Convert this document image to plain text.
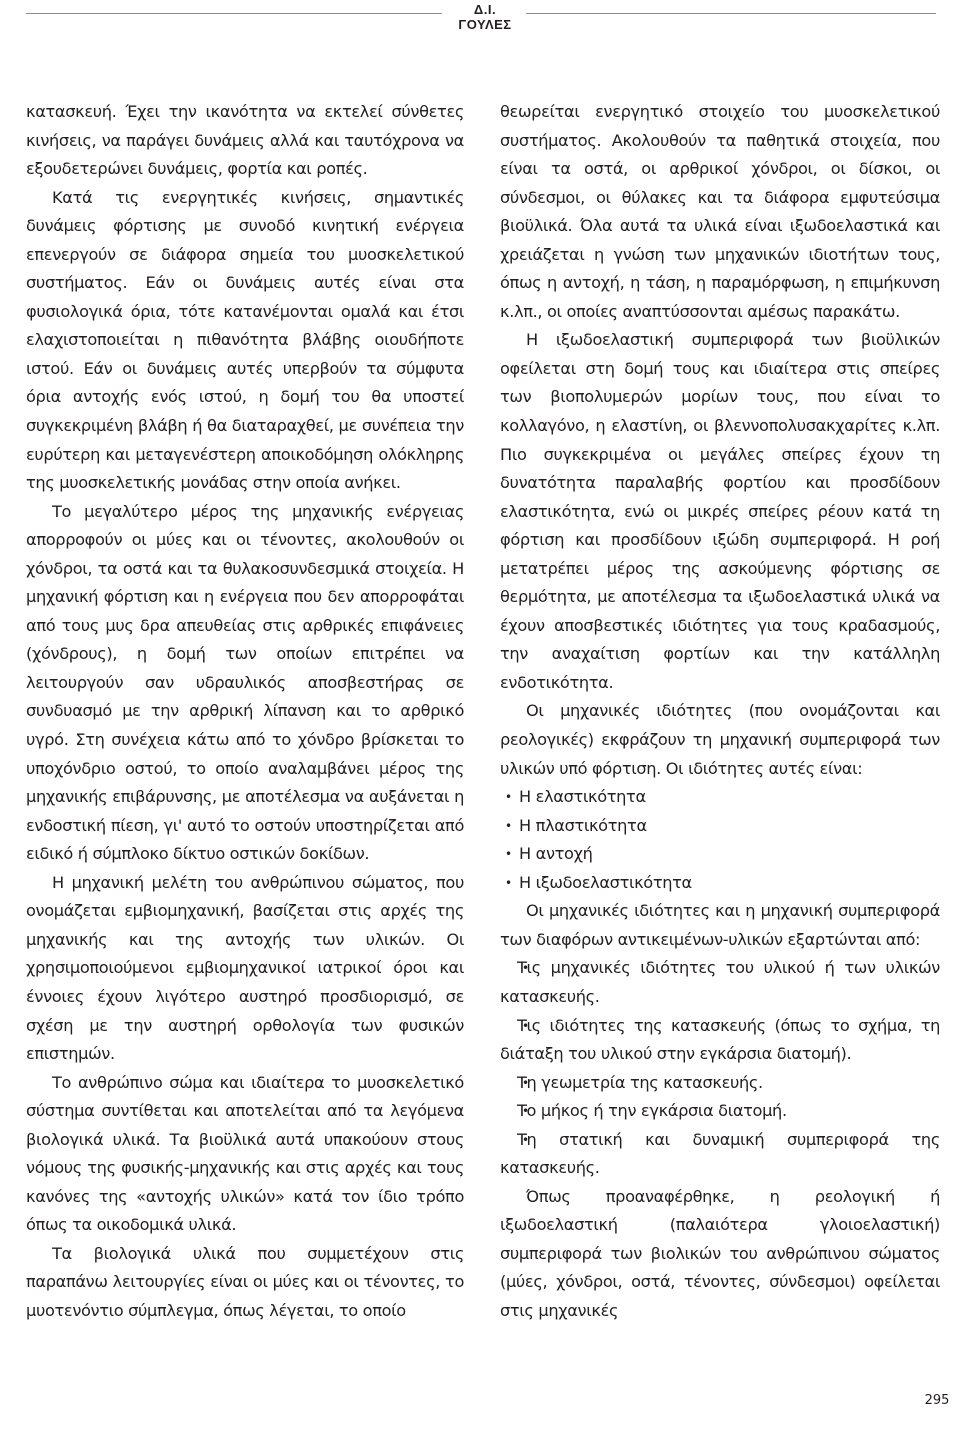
Δ.Ι. ΓΟΥΛΕΣ

κατασκευή. Έχει την ικανότητα να εκτελεί σύνθετες κινήσεις, να παράγει δυνάμεις αλλά και ταυτόχρονα να εξουδετερώνει δυνάμεις, φορτία και ροπές.

Κατά τις ενεργητικές κινήσεις, σημαντικές δυνάμεις φόρτισης με συνοδό κινητική ενέργεια επενεργούν σε διάφορα σημεία του μυοσκελετικού συστήματος. Εάν οι δυνάμεις αυτές είναι στα φυσιολογικά όρια, τότε κατανέμονται ομαλά και έτσι ελαχιστοποιείται η πιθανότητα βλάβης οιουδήποτε ιστού. Εάν οι δυνάμεις αυτές υπερβούν τα σύμφυτα όρια αντοχής ενός ιστού, η δομή του θα υποστεί συγκεκριμένη βλάβη ή θα διαταραχθεί, με συνέπεια την ευρύτερη και μεταγενέστερη αποικοδόμηση ολόκληρης της μυοσκελετικής μονάδας στην οποία ανήκει.

Το μεγαλύτερο μέρος της μηχανικής ενέργειας απορροφούν οι μύες και οι τένοντες, ακολουθούν οι χόνδροι, τα οστά και τα θυλακοσυνδεσμικά στοιχεία. Η μηχανική φόρτιση και η ενέργεια που δεν απορροφάται από τους μυς δρα απευθείας στις αρθρικές επιφάνειες (χόνδρους), η δομή των οποίων επιτρέπει να λειτουργούν σαν υδραυλικός αποσβεστήρας σε συνδυασμό με την αρθρική λίπανση και το αρθρικό υγρό. Στη συνέχεια κάτω από το χόνδρο βρίσκεται το υποχόνδριο οστού, το οποίο αναλαμβάνει μέρος της μηχανικής επιβάρυνσης, με αποτέλεσμα να αυξάνεται η ενδοστική πίεση, γι' αυτό το οστούν υποστηρίζεται από ειδικό ή σύμπλοκο δίκτυο οστικών δοκίδων.

Η μηχανική μελέτη του ανθρώπινου σώματος, που ονομάζεται εμβιομηχανική, βασίζεται στις αρχές της μηχανικής και της αντοχής των υλικών. Οι χρησιμοποιούμενοι εμβιομηχανικοί ιατρικοί όροι και έννοιες έχουν λιγότερο αυστηρό προσδιορισμό, σε σχέση με την αυστηρή ορθολογία των φυσικών επιστημών.

Το ανθρώπινο σώμα και ιδιαίτερα το μυοσκελετικό σύστημα συντίθεται και αποτελείται από τα λεγόμενα βιολογικά υλικά. Τα βιοϋλικά αυτά υπακούουν στους νόμους της φυσικής-μηχανικής και στις αρχές και τους κανόνες της «αντοχής υλικών» κατά τον ίδιο τρόπο όπως τα οικοδομικά υλικά.

Τα βιολογικά υλικά που συμμετέχουν στις παραπάνω λειτουργίες είναι οι μύες και οι τένοντες, το μυοτενόντιο σύμπλεγμα, όπως λέγεται, το οποίο

θεωρείται ενεργητικό στοιχείο του μυοσκελετικού συστήματος. Ακολουθούν τα παθητικά στοιχεία, που είναι τα οστά, οι αρθρικοί χόνδροι, οι δίσκοι, οι σύνδεσμοι, οι θύλακες και τα διάφορα εμφυτεύσιμα βιοϋλικά. Όλα αυτά τα υλικά είναι ιξωδοελαστικά και χρειάζεται η γνώση των μηχανικών ιδιοτήτων τους, όπως η αντοχή, η τάση, η παραμόρφωση, η επιμήκυνση κ.λπ., οι οποίες αναπτύσσονται αμέσως παρακάτω.

Η ιξωδοελαστική συμπεριφορά των βιοϋλικών οφείλεται στη δομή τους και ιδιαίτερα στις σπείρες των βιοπολυμερών μορίων τους, που είναι το κολλαγόνο, η ελαστίνη, οι βλεννοπολυσακχαρίτες κ.λπ. Πιο συγκεκριμένα οι μεγάλες σπείρες έχουν τη δυνατότητα παραλαβής φορτίου και προσδίδουν ελαστικότητα, ενώ οι μικρές σπείρες ρέουν κατά τη φόρτιση και προσδίδουν ιξώδη συμπεριφορά. Η ροή μετατρέπει μέρος της ασκούμενης φόρτισης σε θερμότητα, με αποτέλεσμα τα ιξωδοελαστικά υλικά να έχουν αποσβεστικές ιδιότητες για τους κραδασμούς, την αναχαίτιση φορτίων και την κατάλληλη ενδοτικότητα.

Οι μηχανικές ιδιότητες (που ονομάζονται και ρεολογικές) εκφράζουν τη μηχανική συμπεριφορά των υλικών υπό φόρτιση. Οι ιδιότητες αυτές είναι:

• Η ελαστικότητα
• Η πλαστικότητα
• Η αντοχή
• Η ιξωδοελαστικότητα

Οι μηχανικές ιδιότητες και η μηχανική συμπεριφορά των διαφόρων αντικειμένων-υλικών εξαρτώνται από:

• Τις μηχανικές ιδιότητες του υλικού ή των υλικών κατασκευής.
• Τις ιδιότητες της κατασκευής (όπως το σχήμα, τη διάταξη του υλικού στην εγκάρσια διατομή).
• Τη γεωμετρία της κατασκευής.
• Το μήκος ή την εγκάρσια διατομή.
• Τη στατική και δυναμική συμπεριφορά της κατασκευής.

Όπως προαναφέρθηκε, η ρεολογική ή ιξωδοελαστική (παλαιότερα γλοιοελαστική) συμπεριφορά των βιολικών του ανθρώπινου σώματος (μύες, χόνδροι, οστά, τένοντες, σύνδεσμοι) οφείλεται στις μηχανικές

295
